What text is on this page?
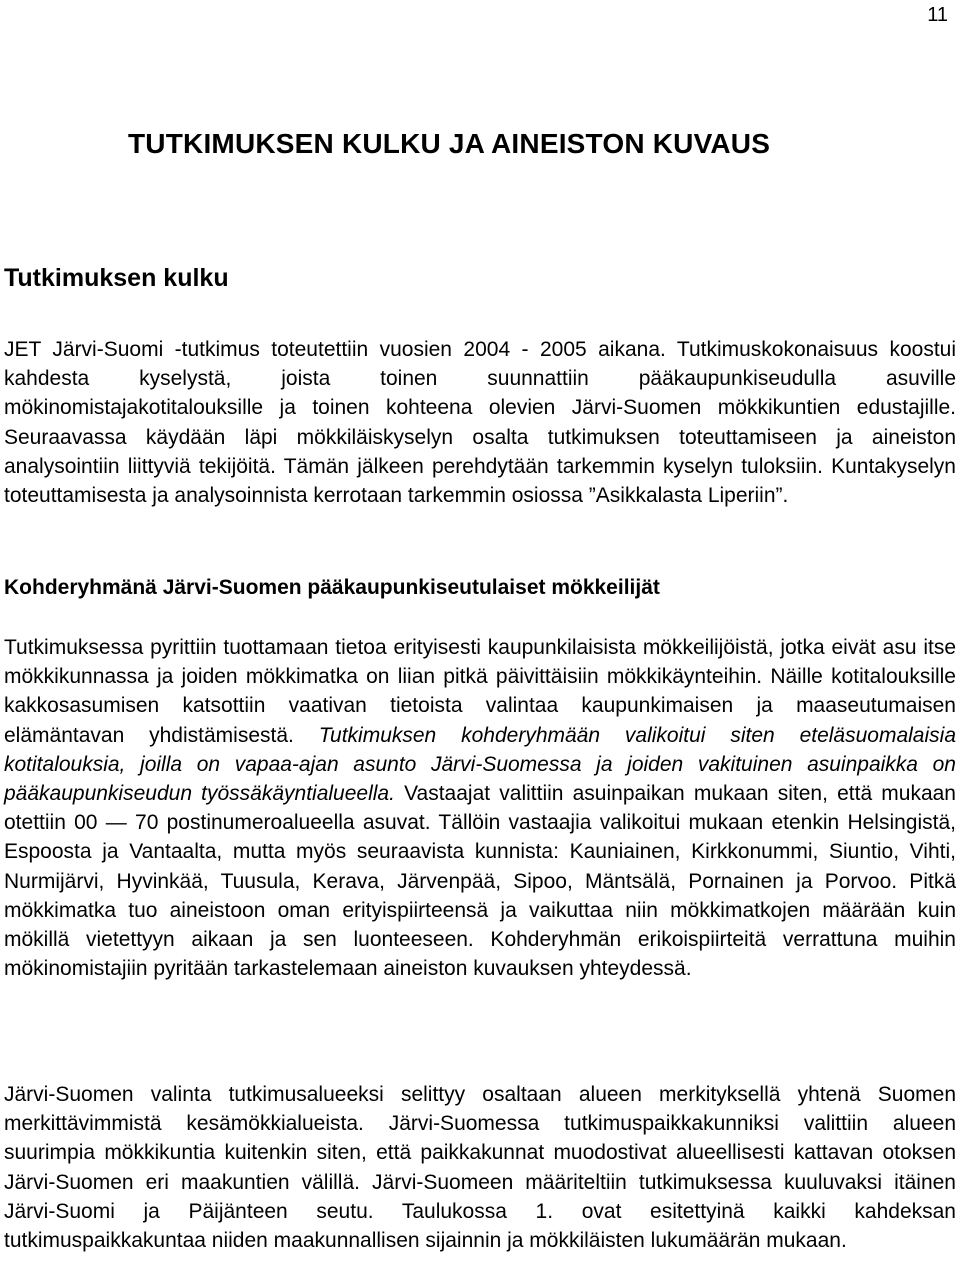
11
TUTKIMUKSEN KULKU JA AINEISTON KUVAUS
Tutkimuksen kulku

JET Järvi-Suomi -tutkimus toteutettiin vuosien 2004 - 2005 aikana. Tutkimuskokonaisuus koostui kahdesta kyselystä, joista toinen suunnattiin pääkaupunkiseudulla asuville mökinomistajakotitalouksille ja toinen kohteena olevien Järvi-Suomen mökkikuntien edustajille. Seuraavassa käydään läpi mökkiläiskyselyn osalta tutkimuksen toteuttamiseen ja aineiston analysointiin liittyviä tekijöitä. Tämän jälkeen perehdytään tarkemmin kyselyn tuloksiin. Kuntakyselyn toteuttamisesta ja analysoinnista kerrotaan tarkemmin osiossa ”Asikkalasta Liperiin”.

Kohderyhmänä Järvi-Suomen pääkaupunkiseutulaiset mökkeilijät

Tutkimuksessa pyrittiin tuottamaan tietoa erityisesti kaupunkilaisista mökkeilijöistä, jotka eivät asu itse mökkikunnassa ja joiden mökkimatka on liian pitkä päivittäisiin mökkikäynteihin. Näille kotitalouksille kakkosasumisen katsottiin vaativan tietoista valintaa kaupunkimaisen ja maaseutumaisen elämäntavan yhdistämisestä. Tutkimuksen kohderyhmään valikoitui siten eteläsuomalaisia kotitalouksia, joilla on vapaa-ajan asunto Järvi-Suomessa ja joiden vakituinen asuinpaikka on pääkaupunkiseudun työssäkäyntialueella. Vastaajat valittiin asuinpaikan mukaan siten, että mukaan otettiin 00 — 70 postinumeroalueella asuvat. Tällöin vastaajia valikoitui mukaan etenkin Helsingistä, Espoosta ja Vantaalta, mutta myös seuraavista kunnista: Kauniainen, Kirkkonummi, Siuntio, Vihti, Nurmijärvi, Hyvinkää, Tuusula, Kerava, Järvenpää, Sipoo, Mäntsälä, Pornainen ja Porvoo. Pitkä mökkimatka tuo aineistoon oman erityispiirteensä ja vaikuttaa niin mökkimatkojen määrään kuin mökillä vietettyyn aikaan ja sen luonteeseen. Kohderyhmän erikoispiirteitä verrattuna muihin mökinomistajiin pyritään tarkastelemaan aineiston kuvauksen yhteydessä.

Järvi-Suomen valinta tutkimusalueeksi selittyy osaltaan alueen merkityksellä yhtenä Suomen merkittävimmistä kesämökkialueista. Järvi-Suomessa tutkimuspaikkakunniksi valittiin alueen suurimpia mökkikuntia kuitenkin siten, että paikkakunnat muodostivat alueellisesti kattavan otoksen Järvi-Suomen eri maakuntien välillä. Järvi-Suomeen määriteltiin tutkimuksessa kuuluvaksi itäinen Järvi-Suomi ja Päijänteen seutu. Taulukossa 1. ovat esitettyinä kaikki kahdeksan tutkimuspaikkakuntaa niiden maakunnallisen sijainnin ja mökkiläisten lukumäärän mukaan.
